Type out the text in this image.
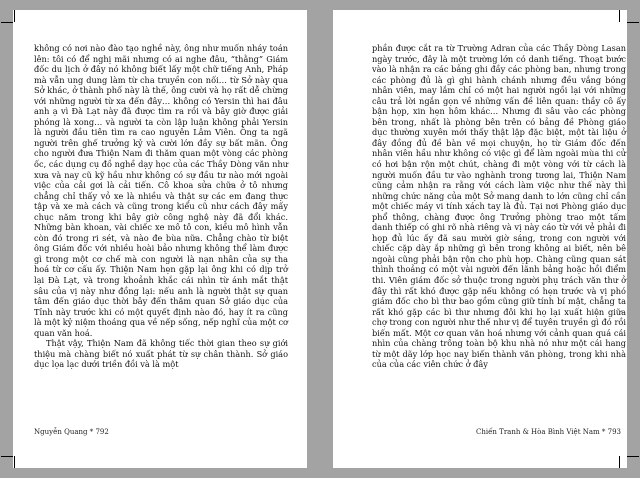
không có nơi nào đào tạo nghề này, ông như muốn nháy toán lên: tôi có để nghị mãi nhưng có ai nghe đâu, “thằng” Giám đốc du lịch ở đây nó không biết lấy một chữ tiếng Anh, Pháp mà vẫn ung dung làm từ cha truyền con nối… từ Sở này qua Sở khác, ở thành phố này là thế, ông cười và họ rất dễ chừng với những người từ xa đến đây… không có Yersin thì hai đâu anh ạ vì Đà Lạt này đã được tìm ra rồi và bây giờ được giải phóng là xong… và người ta còn lập luận không phải Yersin là người đầu tiên tìm ra cao nguyên Lâm Viên. Ông ta ngã người trên ghế trưởng kỷ và cười lớn đầy sự bất mãn. Ông cho người đưa Thiện Nam đi thăm quan một vòng các phòng ốc, các dụng cụ đồ nghề dạy học của các Thầy Dòng văn như xưa và nay cũ kỹ hầu như không có sự đầu tư nào mới ngoài việc của cải gơi là cải tiến. Cô khoa sửa chữa ở tô nhưng chẳng chỉ thấy vỏ xe là nhiều và thật sự các em đang thực tập và xe mà cách và cũng trong kiểu cũ như cách đây mấy chục năm trong khi bây giờ công nghệ này đã đổi khác. Những bàn khoan, vài chiếc xe mô tô con, kiều mô hình vẫn còn đó trong ri sét, và nào đe bùa nữa. Chẳng chào từ biệt ông Giám đốc với nhiều hoài bảo nhưng không thể làm được gì trong một cơ chế mà con người là nạn nhân của sự tha hoá từ cơ cấu ấy. Thiện Nam hẹn gặp lại ông khi có dịp trở lại Đà Lạt, và trong khoảnh khắc cái nhìn từ ánh mắt thật sâu của vị này như đồng lại: nếu anh là người thật sự quan tâm đến giáo dục thời bây đến thăm quan Sở giáo dục của Tỉnh này trước khi có một quyết định nào đó, hay ít ra cũng là một kỷ niệm thoáng qua về nếp sống, nếp nghĩ của một cơ quan văn hoá.

Thật vậy, Thiện Nam đã không tiếc thời gian theo sự giới thiệu mà chàng biết nó xuất phát từ sự chân thành. Sở giáo dục lọa lạc dưới triền đồi và là một

Nguyễn Quang * 792

phần được cắt ra từ Trường Adran của các Thầy Dòng Lasan ngày trước, đây là một trường lớn có danh tiếng. Thoạt bước vào là nhận ra các bảng ghi đầy các phòng ban, nhưng trong các phòng đủ là gì ghi hành chánh nhưng đều vắng bóng nhân viên, may lắm chỉ có một hai người ngồi lại với những câu trả lời ngắn gọn về những vấn đề liên quan: thầy cô ấy bận họp, xin hẹn hôm khác… Nhưng đi sâu vào các phòng bên trong, nhất là phòng bên trên có bảng đề Phòng giáo dục thường xuyên mới thấy thật lập đặc biệt, một tài liệu ở đây đồng đủ đề bàn về mọi chuyện, họ từ Giám đốc đến nhân viên hầu như không có việc gì để làm ngoài mùa thi cử có hơi bận rộn một chút, chàng đi một vòng với từ cách là người muốn đầu tư vào nghành trong tương lai, Thiện Nam cũng cảm nhận ra rằng với cách làm việc như thế này thì những chức năng của một Sở mang danh to lớn cũng chỉ cần một chiếc máy vi tính xách tay là đủ. Tại nơi Phòng giáo dục phổ thông, chàng được ông Trưởng phòng trao một tấm danh thiếp có ghi rõ nhà riêng và vị này cáo từ với vẻ phải đi họp đủ lúc ấy đã sau mười giờ sáng, trong con người với chiếc cặp dày ắp những gì bên trong không ai biết, nên bê ngoài cũng phải bận rộn cho phù hợp. Chàng cũng quan sát thình thoảng có một vài người đến lãnh bảng hoặc hồi điểm thi. Viên giám đốc sở thuộc trong người phụ trách văn thư ở đây thì rất khó được gặp nếu không có hẹn trước và vị phó giám đốc cho bì thư bao gồm cũng giữ tính bí mật, chẳng ta rất khó gặp các bì thư nhưng đôi khi họ lại xuất hiện giữa chợ trong con người như thế như vị để tuyên truyền gì đó rồi biến mất. Một cơ quan văn hoá nhưng với cảnh quan quá cái nhìn của chàng trông toàn bộ khu nhà nó như một cái hang từ một dãy lớp học nay biến thành văn phòng, trong khi nhà của của các viên chức ở đây

Chiến Tranh & Hòa Bình Việt Nam * 793
